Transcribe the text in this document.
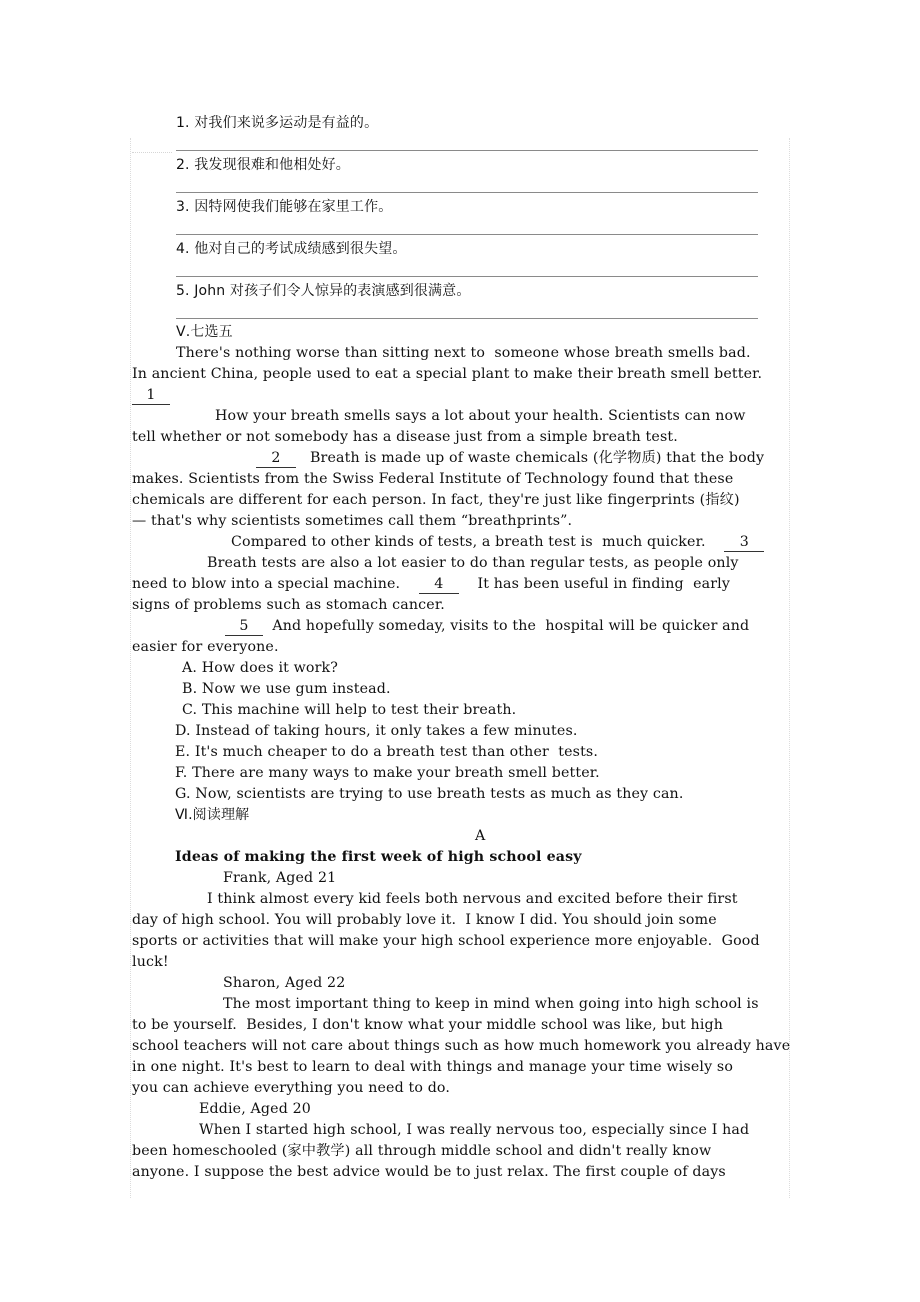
1. 对我们来说多运动是有益的。
2. 我发现很难和他相处好。
3. 因特网使我们能够在家里工作。
4. 他对自己的考试成绩感到很失望。
5. John 对孩子们令人惊异的表演感到很满意。
Ⅴ.七选五
There's nothing worse than sitting next to  someone whose breath smells bad.
In ancient China, people used to eat a special plant to make their breath smell better.
1
How your breath smells says a lot about your health. Scientists can now
tell whether or not somebody has a disease just from a simple breath test.
2 Breath is made up of waste chemicals (化学物质) that the body
makes. Scientists from the Swiss Federal Institute of Technology found that these
chemicals are different for each person. In fact, they're just like fingerprints (指纹)
— that's why scientists sometimes call them “breathprints”.
Compared to other kinds of tests, a breath test is  much quicker. 3
Breath tests are also a lot easier to do than regular tests, as people only
need to blow into a special machine. 4 It has been useful in finding  early
signs of problems such as stomach cancer.
5 And hopefully someday, visits to the  hospital will be quicker and
easier for everyone.
A. How does it work?
B. Now we use gum instead.
C. This machine will help to test their breath.
D. Instead of taking hours, it only takes a few minutes.
E. It's much cheaper to do a breath test than other  tests.
F. There are many ways to make your breath smell better.
G. Now, scientists are trying to use breath tests as much as they can.
Ⅵ.阅读理解
A
Ideas of making the first week of high school easy
Frank, Aged 21
I think almost every kid feels both nervous and excited before their first
day of high school. You will probably love it.  I know I did. You should join some
sports or activities that will make your high school experience more enjoyable.  Good
luck!
Sharon, Aged 22
The most important thing to keep in mind when going into high school is
to be yourself.  Besides, I don't know what your middle school was like, but high
school teachers will not care about things such as how much homework you already have
in one night. It's best to learn to deal with things and manage your time wisely so
you can achieve everything you need to do.
Eddie, Aged 20
When I started high school, I was really nervous too, especially since I had
been homeschooled (家中教学) all through middle school and didn't really know
anyone. I suppose the best advice would be to just relax. The first couple of days
